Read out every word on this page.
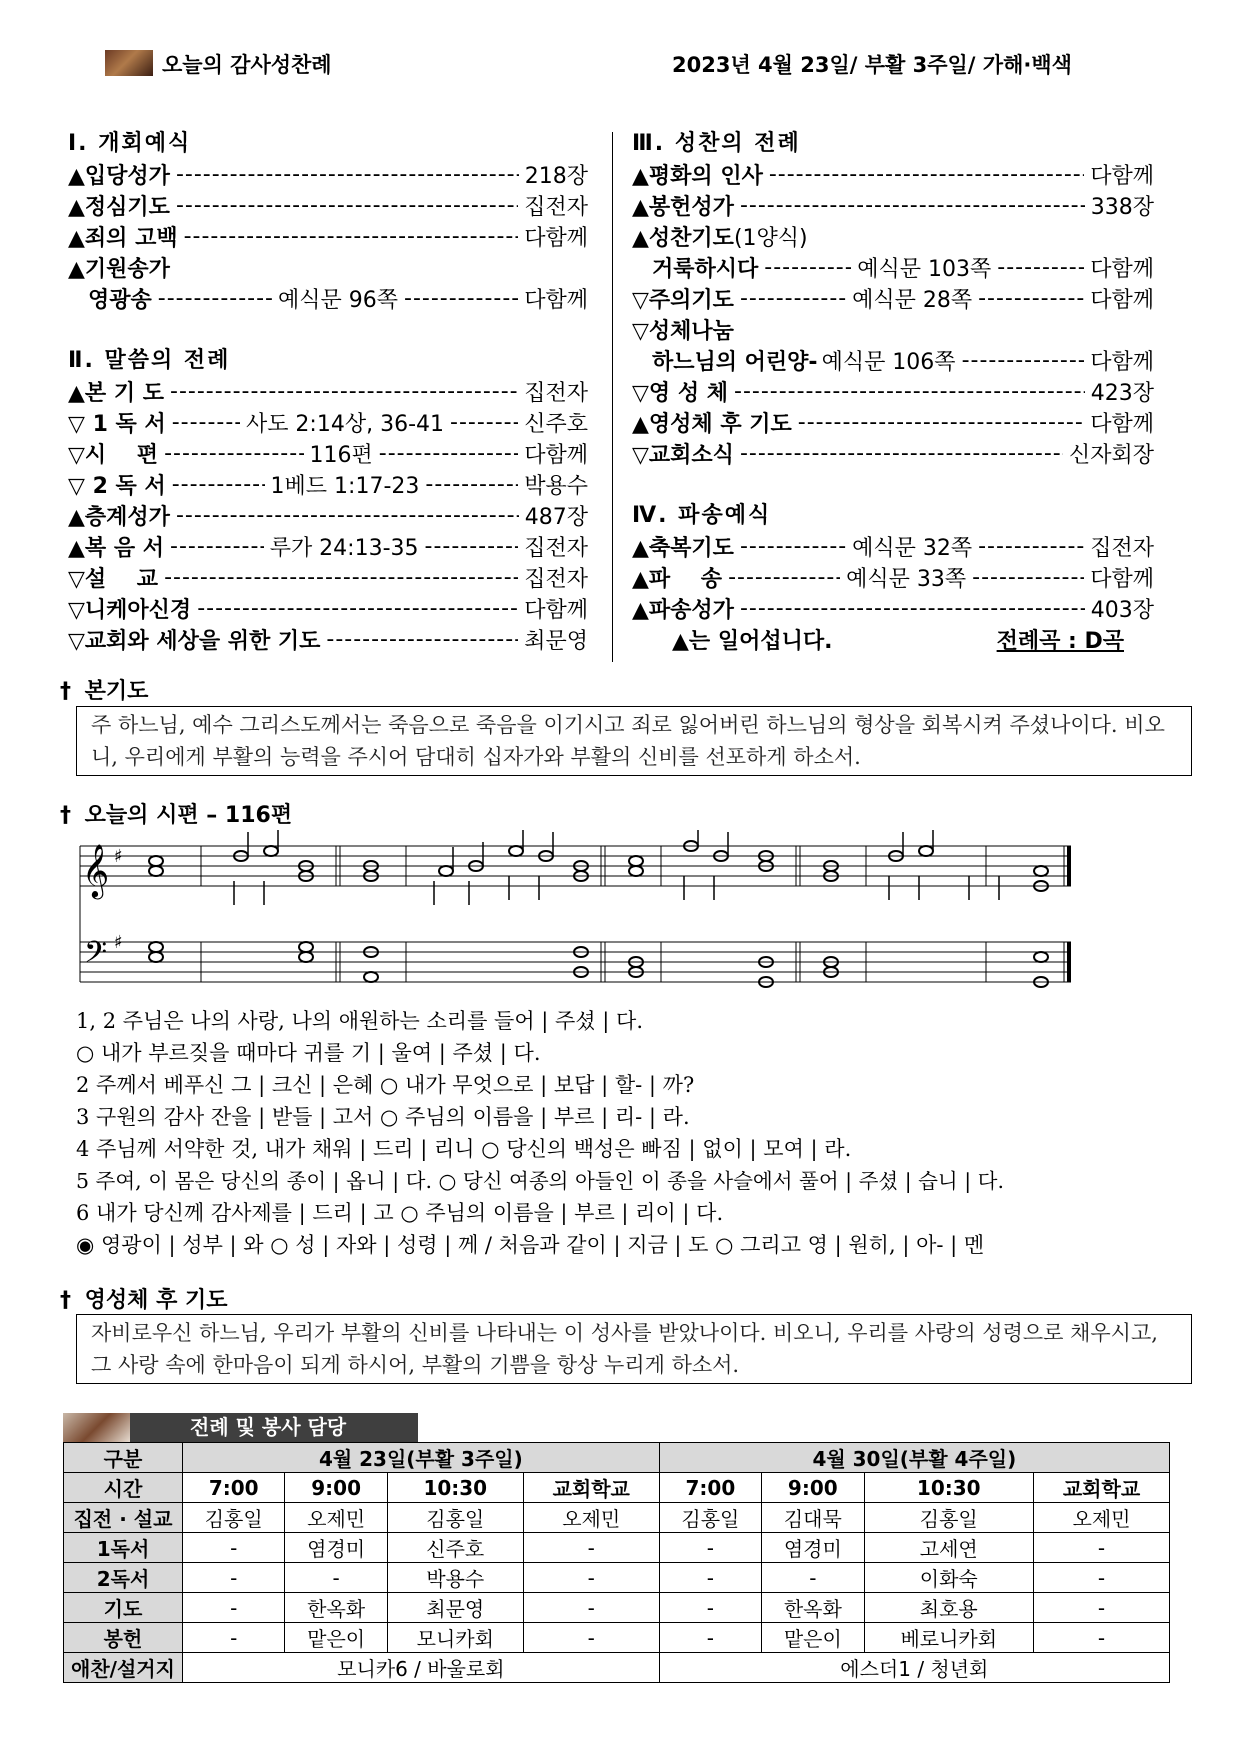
오늘의 감사성찬례	2023년 4월 23일/ 부활 3주일/ 가해·백색
Ⅰ. 개회예식
▲입당성가 -----	218장
▲정심기도 -----	집전자
▲죄의 고백 -----	다함께
▲기원송가
영광송 -----	예식문 96쪽 -----	다함께
Ⅱ. 말씀의 전례
▲본 기 도 -----	집전자
▽ 1 독 서 -----	사도 2:14상, 36-41 -----	신주호
▽시    편 -----	116편 -----	다함께
▽ 2 독 서 -----	1베드 1:17-23 -----	박용수
▲층계성가 -----	487장
▲복 음 서 -----	루가 24:13-35 -----	집전자
▽설    교 -----	집전자
▽니케아신경 -----	다함께
▽교회와 세상을 위한 기도 -----	최문영
Ⅲ. 성찬의 전례
▲평화의 인사 -----	다함께
▲봉헌성가 -----	338장
▲성찬기도 (1양식)
거룩하시다 -----	예식문 103쪽 -----	다함께
▽주의기도 -----	예식문 28쪽 -----	다함께
▽성체나눔
하느님의 어린양- 예식문 106쪽 -----	다함께
▽영 성 체 -----	423장
▲영성체 후 기도 -----	다함께
▽교회소식 -----	신자회장
Ⅳ. 파송예식
▲축복기도 -----	예식문 32쪽 -----	집전자
▲파    송 -----	예식문 33쪽 -----	다함께
▲파송성가 -----	403장
▲는 일어섭니다.	전례곡 : D곡
† 본기도
주 하느님, 예수 그리스도께서는 죽음으로 죽음을 이기시고 죄로 잃어버린 하느님의 형상을 회복시켜 주셨나이다. 비오니, 우리에게 부활의 능력을 주시어 담대히 십자가와 부활의 신비를 선포하게 하소서.
† 오늘의 시편 – 116편
𝄞
𝄢
♯
♯
1, 2 주님은 나의 사랑, 나의 애원하는 소리를 들어 | 주셨 | 다.
○ 내가 부르짖을 때마다 귀를 기 | 울여 | 주셨 | 다.
2 주께서 베푸신 그 | 크신 | 은혜 ○ 내가 무엇으로 | 보답 | 할- | 까?
3 구원의 감사 잔을 | 받들 | 고서 ○ 주님의 이름을 | 부르 | 리- | 라.
4 주님께 서약한 것, 내가 채워 | 드리 | 리니 ○ 당신의 백성은 빠짐 | 없이 | 모여 | 라.
5 주여, 이 몸은 당신의 종이 | 옵니 | 다. ○ 당신 여종의 아들인 이 종을 사슬에서 풀어 | 주셨 | 습니 | 다.
6 내가 당신께 감사제를 | 드리 | 고 ○ 주님의 이름을 | 부르 | 리이 | 다.
◉ 영광이 | 성부 | 와 ○ 성 | 자와 | 성령 | 께 / 처음과 같이 | 지금 | 도 ○ 그리고 영 | 원히, | 아- | 멘
† 영성체 후 기도
자비로우신 하느님, 우리가 부활의 신비를 나타내는 이 성사를 받았나이다. 비오니, 우리를 사랑의 성령으로 채우시고, 그 사랑 속에 한마음이 되게 하시어, 부활의 기쁨을 항상 누리게 하소서.
전례 및 봉사 담당
구분	4월 23일(부활 3주일)				4월 30일(부활 4주일)			
시간	7:00	9:00	10:30	교회학교	7:00	9:00	10:30	교회학교
집전 · 설교	김홍일	오제민	김홍일	오제민	김홍일	김대묵	김홍일	오제민
1독서	-	염경미	신주호	-	-	염경미	고세연	-
2독서	-	-	박용수	-	-	-	이화숙	-
기도	-	한옥화	최문영	-	-	한옥화	최호용	-
봉헌	-	맡은이	모니카회	-	-	맡은이	베로니카회	-
애찬/설거지	모니카6 / 바울로회				에스더1 / 청년회			
